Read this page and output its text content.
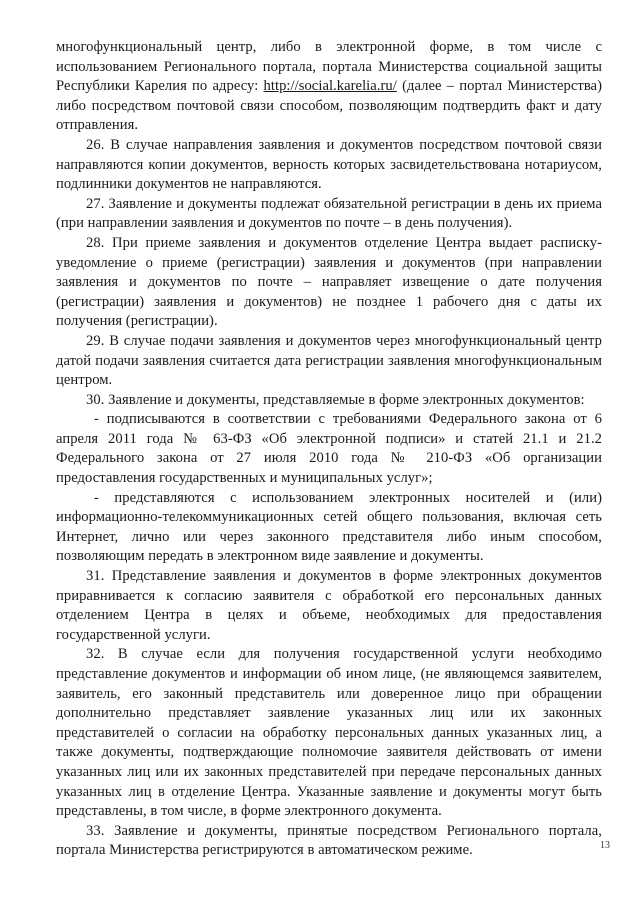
многофункциональный центр, либо в электронной форме, в том числе с использованием Регионального портала, портала Министерства социальной защиты Республики Карелия по адресу: http://social.karelia.ru/ (далее – портал Министерства) либо посредством почтовой связи способом, позволяющим подтвердить факт и дату отправления.

26. В случае направления заявления и документов посредством почтовой связи направляются копии документов, верность которых засвидетельствована нотариусом, подлинники документов не направляются.

27. Заявление и документы подлежат обязательной регистрации в день их приема (при направлении заявления и документов по почте – в день получения).

28. При приеме заявления и документов отделение Центра выдает расписку-уведомление о приеме (регистрации) заявления и документов (при направлении заявления и документов по почте – направляет извещение о дате получения (регистрации) заявления и документов) не позднее 1 рабочего дня с даты их получения (регистрации).

29. В случае подачи заявления и документов через многофункциональный центр датой подачи заявления считается дата регистрации заявления многофункциональным центром.

30. Заявление и документы, представляемые в форме электронных документов:

- подписываются в соответствии с требованиями Федерального закона от 6 апреля 2011 года № 63-ФЗ «Об электронной подписи» и статей 21.1 и 21.2 Федерального закона от 27 июля 2010 года № 210-ФЗ «Об организации предоставления государственных и муниципальных услуг»;

- представляются с использованием электронных носителей и (или) информационно-телекоммуникационных сетей общего пользования, включая сеть Интернет, лично или через законного представителя либо иным способом, позволяющим передать в электронном виде заявление и документы.

31. Представление заявления и документов в форме электронных документов приравнивается к согласию заявителя с обработкой его персональных данных отделением Центра в целях и объеме, необходимых для предоставления государственной услуги.

32. В случае если для получения государственной услуги необходимо представление документов и информации об ином лице, (не являющемся заявителем, заявитель, его законный представитель или доверенное лицо при обращении дополнительно представляет заявление указанных лиц или их законных представителей о согласии на обработку персональных данных указанных лиц, а также документы, подтверждающие полномочие заявителя действовать от имени указанных лиц или их законных представителей при передаче персональных данных указанных лиц в отделение Центра. Указанные заявление и документы могут быть представлены, в том числе, в форме электронного документа.

33. Заявление и документы, принятые посредством Регионального портала, портала Министерства регистрируются в автоматическом режиме.	13
